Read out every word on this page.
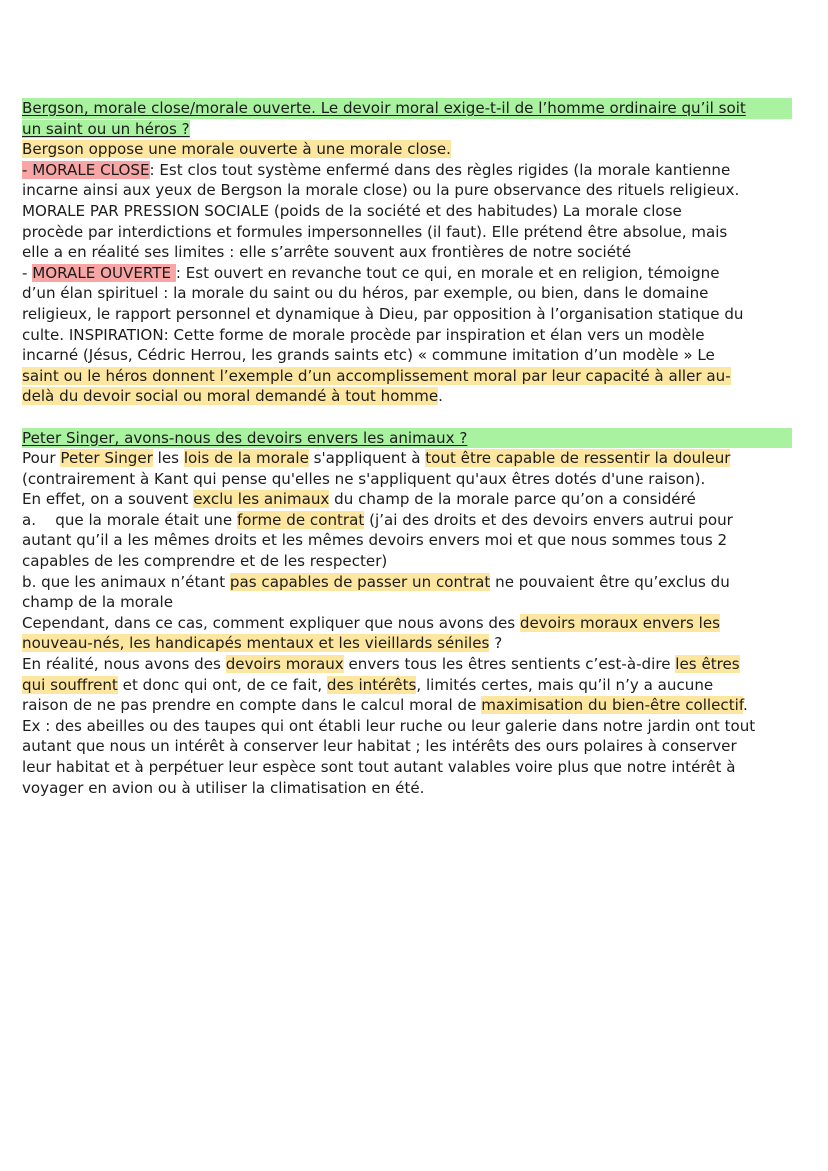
Bergson, morale close/morale ouverte. Le devoir moral exige-t-il de l’homme ordinaire qu’il soit
un saint ou un héros ?
Bergson oppose une morale ouverte à une morale close.
- MORALE CLOSE: Est clos tout système enfermé dans des règles rigides (la morale kantienne
incarne ainsi aux yeux de Bergson la morale close) ou la pure observance des rituels religieux.
MORALE PAR PRESSION SOCIALE (poids de la société et des habitudes) La morale close
procède par interdictions et formules impersonnelles (il faut). Elle prétend être absolue, mais
elle a en réalité ses limites : elle s’arrête souvent aux frontières de notre société
- MORALE OUVERTE : Est ouvert en revanche tout ce qui, en morale et en religion, témoigne
d’un élan spirituel : la morale du saint ou du héros, par exemple, ou bien, dans le domaine
religieux, le rapport personnel et dynamique à Dieu, par opposition à l’organisation statique du
culte. INSPIRATION: Cette forme de morale procède par inspiration et élan vers un modèle
incarné (Jésus, Cédric Herrou, les grands saints etc) « commune imitation d’un modèle » Le
saint ou le héros donnent l’exemple d’un accomplissement moral par leur capacité à aller au-
delà du devoir social ou moral demandé à tout homme.
Peter Singer, avons-nous des devoirs envers les animaux ?
Pour Peter Singer les lois de la morale s'appliquent à tout être capable de ressentir la douleur
(contrairement à Kant qui pense qu'elles ne s'appliquent qu'aux êtres dotés d'une raison).
En effet, on a souvent exclu les animaux du champ de la morale parce qu’on a considéré
a.    que la morale était une forme de contrat (j’ai des droits et des devoirs envers autrui pour
autant qu’il a les mêmes droits et les mêmes devoirs envers moi et que nous sommes tous 2
capables de les comprendre et de les respecter)
b. que les animaux n’étant pas capables de passer un contrat ne pouvaient être qu’exclus du
champ de la morale
Cependant, dans ce cas, comment expliquer que nous avons des devoirs moraux envers les
nouveau-nés, les handicapés mentaux et les vieillards séniles ?
En réalité, nous avons des devoirs moraux envers tous les êtres sentients c’est-à-dire les êtres
qui souffrent et donc qui ont, de ce fait, des intérêts, limités certes, mais qu’il n’y a aucune
raison de ne pas prendre en compte dans le calcul moral de maximisation du bien-être collectif.
Ex : des abeilles ou des taupes qui ont établi leur ruche ou leur galerie dans notre jardin ont tout
autant que nous un intérêt à conserver leur habitat ; les intérêts des ours polaires à conserver
leur habitat et à perpétuer leur espèce sont tout autant valables voire plus que notre intérêt à
voyager en avion ou à utiliser la climatisation en été.
